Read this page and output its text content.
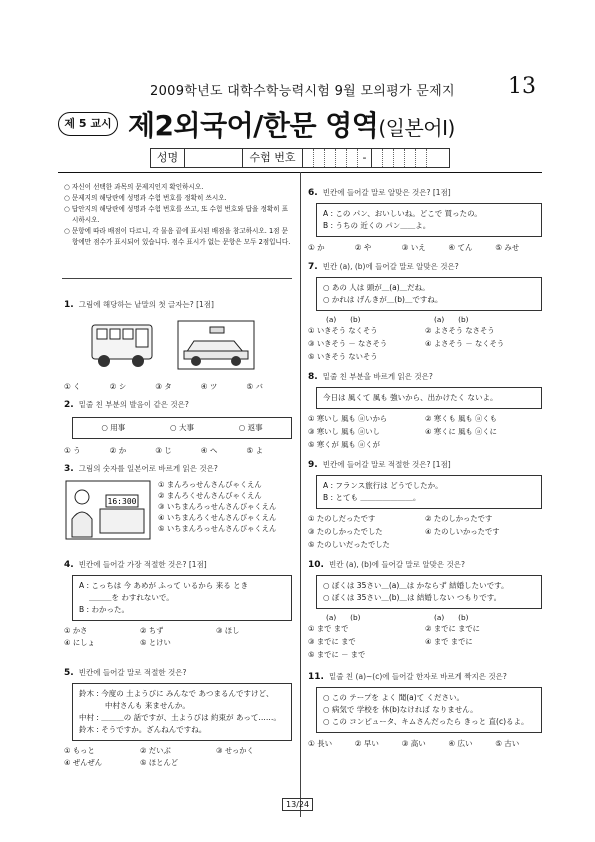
2009학년도 대학수학능력시험 9월 모의평가 문제지 13
제 5 교시 제2외국어/한문 영역(일본어Ⅰ)
성명	수험 번호	-
○ 자신이 선택한 과목의 문제지인지 확인하시오.
○ 문제지의 해당란에 성명과 수험 번호를 정확히 쓰시오.
○ 답안지의 해당란에 성명과 수험 번호를 쓰고, 또 수험 번호와 답을 정확히 표시하시오.
○ 문항에 따라 배점이 다르니, 각 물음 끝에 표시된 배점을 참고하시오. 1점 문항에만 점수가 표시되어 있습니다. 점수 표시가 없는 문항은 모두 2점입니다.
1. 그림에 해당하는 낱말의 첫 글자는? [1점]
① く	② シ	③ タ	④ ツ	⑤ バ
2. 밑줄 친 부분의 발음이 같은 것은?
○ 用事	○ 大事	○ 返事
① う	② か	③ じ	④ へ	⑤ よ
3. 그림의 숫자를 일본어로 바르게 읽은 것은?
16:300
① まんろっせんさんびゃくえん
② まんろくせんさんびゃくえん
③ いちまんろっせんさんびゃくえん
④ いちまんろくせんさんびゃくえん
⑤ いちまんろっせんさんびゃくえん
4. 빈칸에 들어갈 가장 적절한 것은? [1점]
A : こっちは 今 あめが ふって いるから 来る とき
＿＿＿を わすれないで。
B : わかった。
① かさ	② ちず	③ ほし
④ にしょ	⑤ とけい
5. 빈칸에 들어갈 말로 적절한 것은?
鈴木 : 今度の 土ようびに みんなで あつまるんですけど、
中村さんも 来ませんか。
中村 : ＿＿＿の 話ですが、土ようびは 約束が あって……。
鈴木 : そうですか。ざんねんですね。
① もっと	② だいぶ	③ せっかく
④ ぜんぜん	⑤ ほとんど
6. 빈칸에 들어갈 말로 알맞은 것은? [1점]
A : この パン、おいしいね。どこで 買ったの。
B : うちの 近くの パン＿＿よ。
① か	② や	③ いえ	④ てん	⑤ みせ
7. 빈칸 (a), (b)에 들어갈 말로 알맞은 것은?
○ あの 人は 頭が＿(a)＿だね。
○ かれは げんきが＿(b)＿ですね。
(a) (b)	(a) (b)
① いきそう なくそう	② よさそう なさそう
③ いきそう － なさそう	④ よさそう － なくそう
⑤ いきそう ないそう
8. 밑줄 친 부분을 바르게 읽은 것은?
今日は 風くて 風も 強いから、出かけたく ないよ。
① 寒いし 風も ⓐいから	② 寒くも 風も ⓐくも
③ 寒いし 風も ⓐいし	④ 寒くに 風も ⓐくに
⑤ 寒くが 風も ⓐくが
9. 빈칸에 들어갈 말로 적절한 것은? [1점]
A : フランス旅行は どうでしたか。
B : とても ＿＿＿＿＿＿＿。
① たのしだったです	② たのしかったです
③ たのしかったでした	④ たのしいかったです
⑤ たのしいだったでした
10. 빈칸 (a), (b)에 들어갈 말로 알맞은 것은?
○ ぼくは 35さい＿(a)＿は かならず 結婚したいです。
○ ぼくは 35さい＿(b)＿は 結婚しない つもりです。
(a) (b)	(a) (b)
① まで まで	② までに までに
③ までに まで	④ まで までに
⑤ までに － まで
11. 밑줄 친 (a)~(c)에 들어갈 한자로 바르게 짝지은 것은?
○ この テープを よく 聞(a)て ください。
○ 病気で 学校を 休(b)なければ なりません。
○ この コンピュータ、キムさんだったら きっと 直(c)るよ。
① 長い	② 早い	③ 高い	④ 広い	⑤ 古い
13/24
